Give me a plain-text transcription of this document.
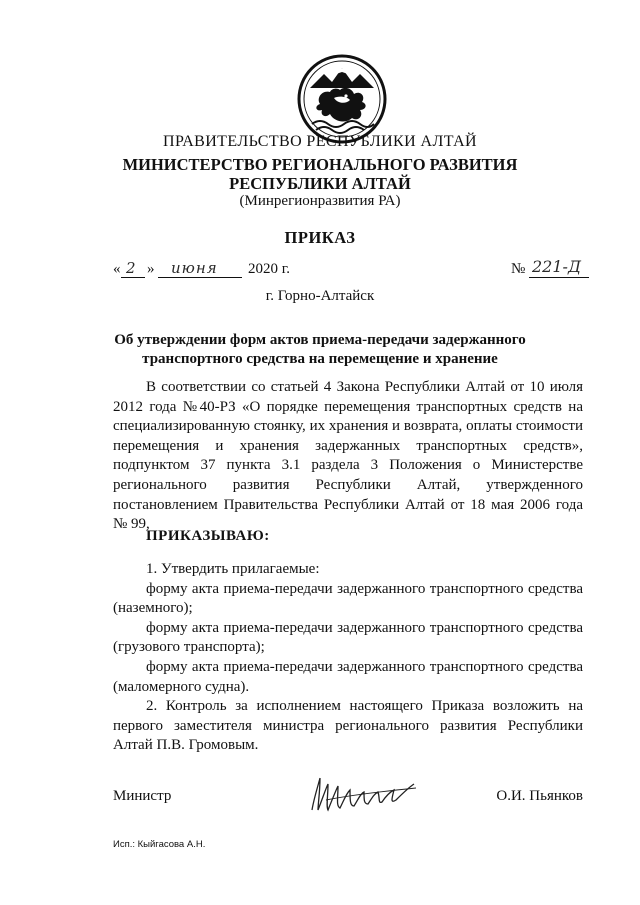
ПРАВИТЕЛЬСТВО РЕСПУБЛИКИ АЛТАЙ
МИНИСТЕРСТВО РЕГИОНАЛЬНОГО РАЗВИТИЯ
РЕСПУБЛИКИ АЛТАЙ
(Минрегионразвития РА)
ПРИКАЗ
« 2 » июня 2020 г.	№ 221-Д
г. Горно-Алтайск
Об утверждении форм актов приема-передачи задержанного
транспортного средства на перемещение и хранение

В соответствии со статьей 4 Закона Республики Алтай от 10 июля 2012 года №40-РЗ «О порядке перемещения транспортных средств на специализированную стоянку, их хранения и возврата, оплаты стоимости перемещения и хранения задержанных транспортных средств», подпунктом 37 пункта 3.1 раздела 3 Положения о Министерстве регионального развития Республики Алтай, утвержденного постановлением Правительства Республики Алтай от 18 мая 2006 года № 99,

ПРИКАЗЫВАЮ:
1. Утвердить прилагаемые:
форму акта приема-передачи задержанного транспортного средства (наземного);
форму акта приема-передачи задержанного транспортного средства (грузового транспорта);
форму акта приема-передачи задержанного транспортного средства (маломерного судна).
2. Контроль за исполнением настоящего Приказа возложить на первого заместителя министра регионального развития Республики Алтай П.В. Громовым.
Министр	О.И. Пьянков
Исп.: Кыйгасова А.Н.
